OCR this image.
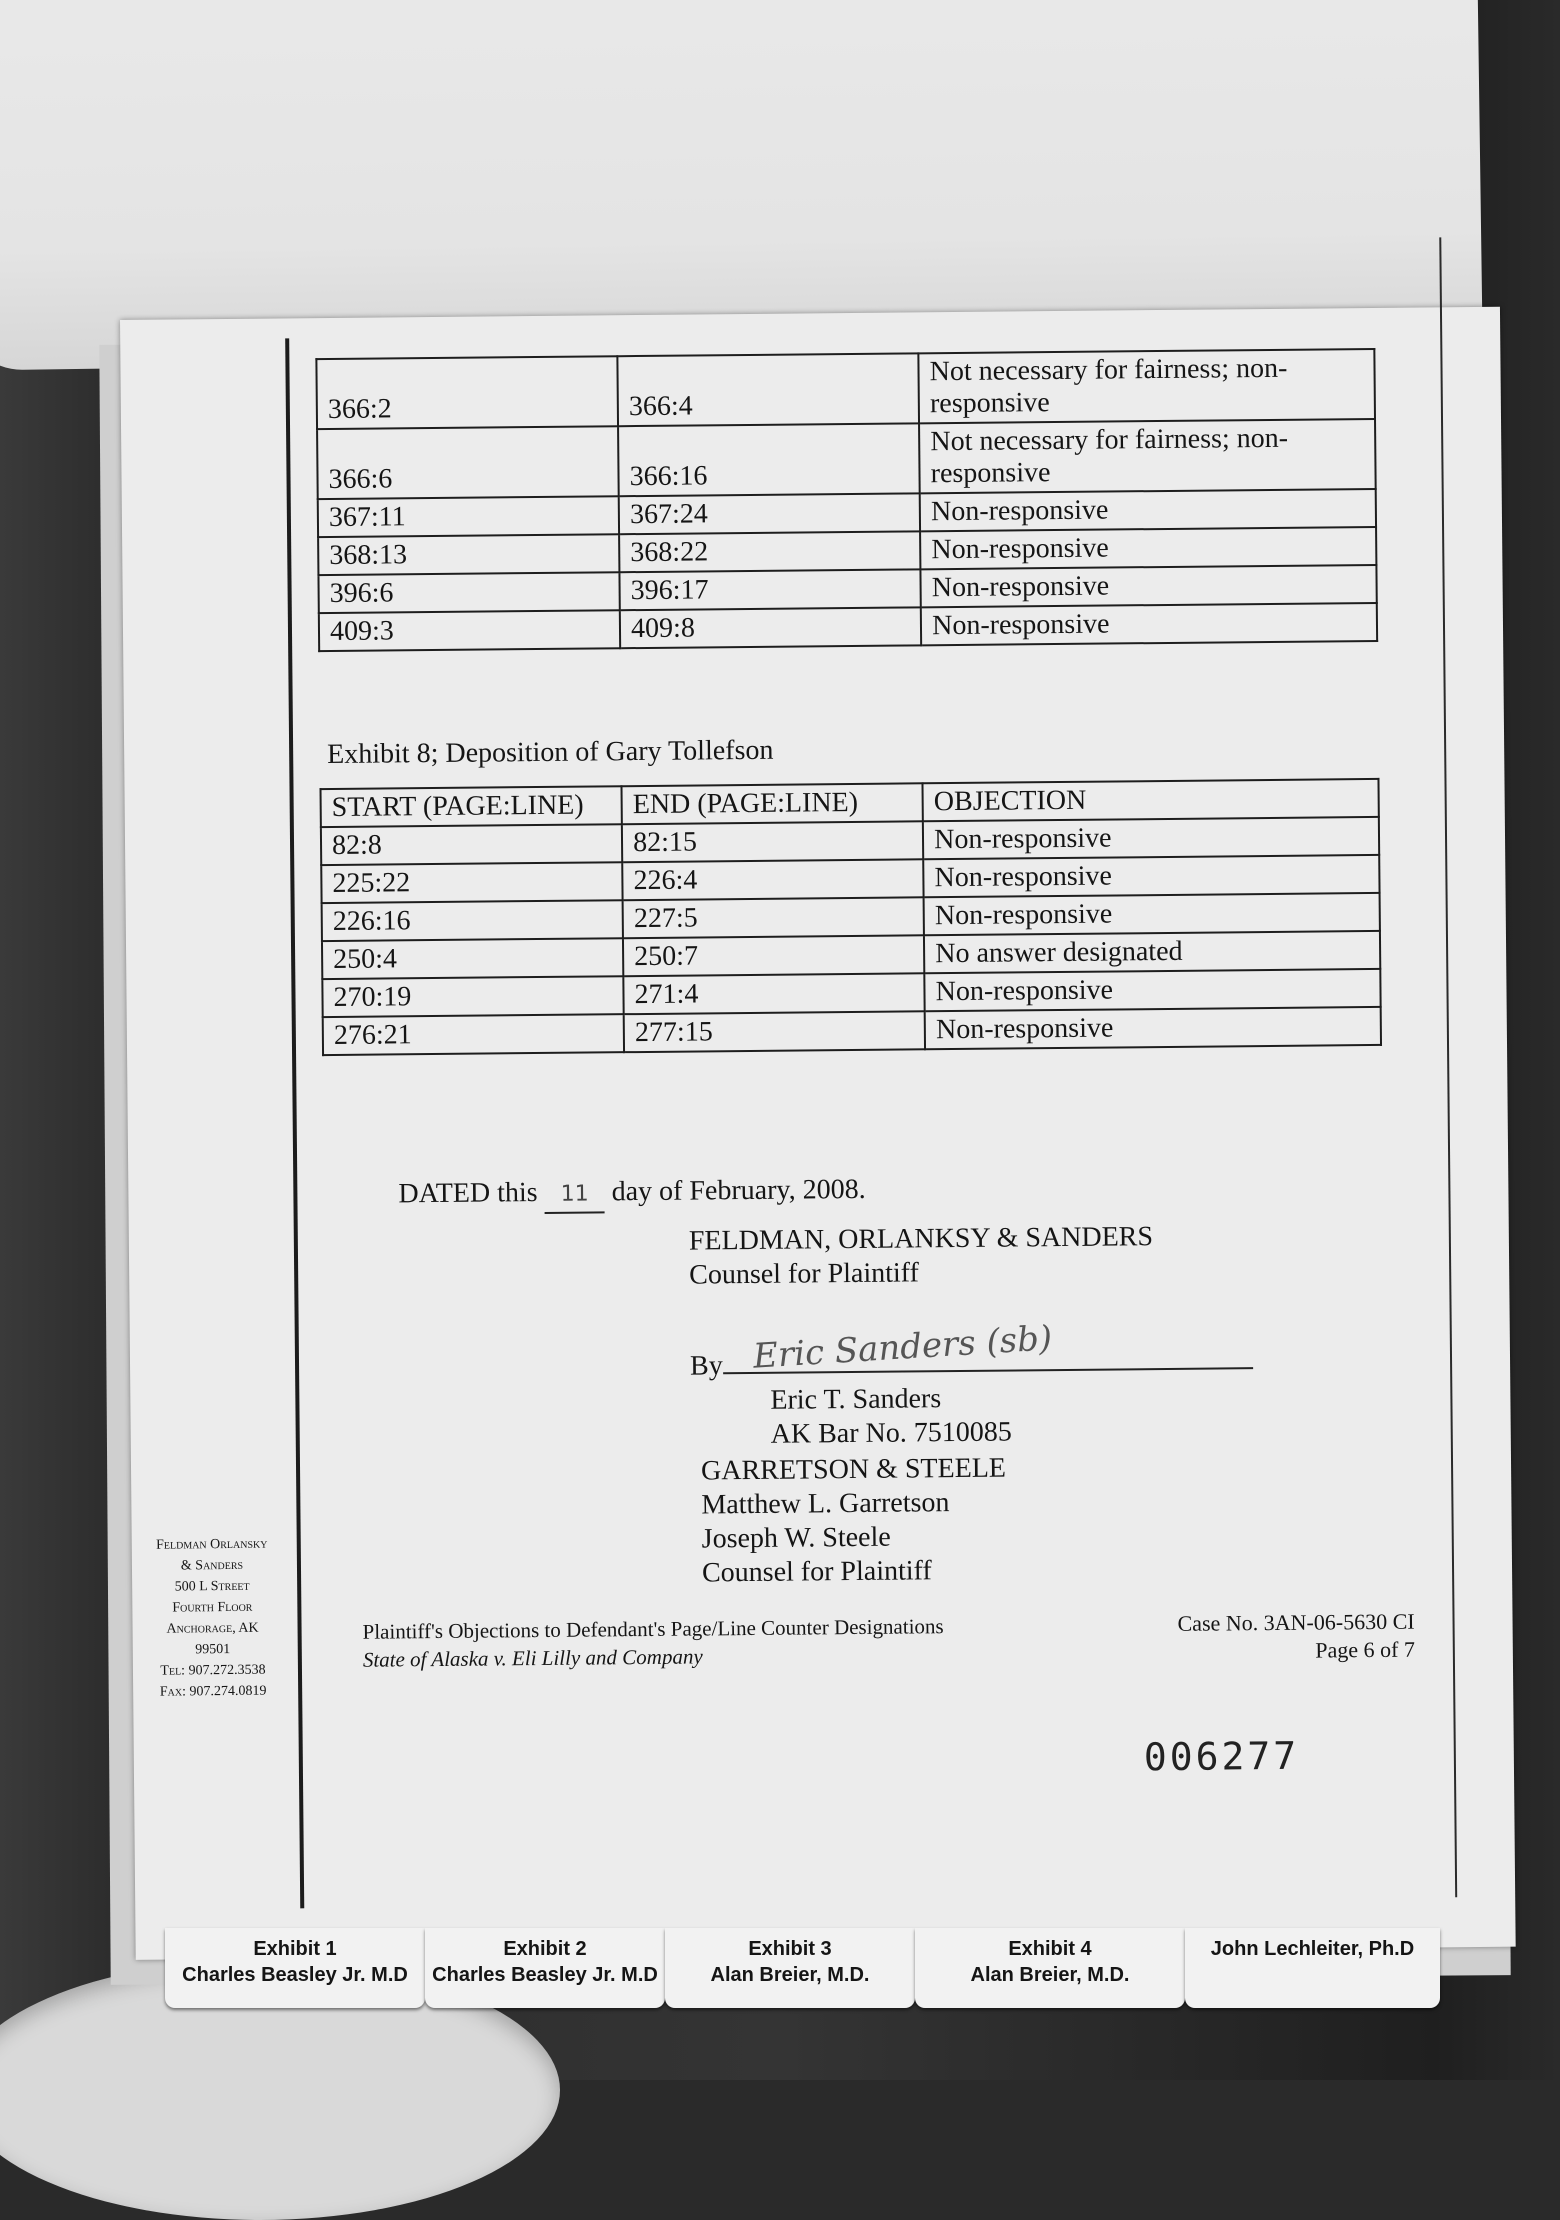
366:2	366:4	Not necessary for fairness; non-responsive
366:6	366:16	Not necessary for fairness; non-responsive
367:11	367:24	Non-responsive
368:13	368:22	Non-responsive
396:6	396:17	Non-responsive
409:3	409:8	Non-responsive
Exhibit 8; Deposition of Gary Tollefson
START (PAGE:LINE)	END (PAGE:LINE)	OBJECTION
82:8	82:15	Non-responsive
225:22	226:4	Non-responsive
226:16	227:5	Non-responsive
250:4	250:7	No answer designated
270:19	271:4	Non-responsive
276:21	277:15	Non-responsive
DATED this 11 day of February, 2008.
FELDMAN, ORLANKSY & SANDERS
Counsel for Plaintiff
By Eric Sanders (sb)
Eric T. Sanders
AK Bar No. 7510085
GARRETSON & STEELE
Matthew L. Garretson
Joseph W. Steele
Counsel for Plaintiff
Feldman Orlansky
& Sanders
500 L Street
Fourth Floor
Anchorage, AK
99501
Tel: 907.272.3538
Fax: 907.274.0819
Plaintiff's Objections to Defendant's Page/Line Counter Designations
State of Alaska v. Eli Lilly and Company
Case No. 3AN-06-5630 CI
Page 6 of 7
006277
Exhibit 1
Charles Beasley Jr. M.D
Exhibit 2
Charles Beasley Jr. M.D
Exhibit 3
Alan Breier, M.D.
Exhibit 4
Alan Breier, M.D.
John Lechleiter, Ph.D
